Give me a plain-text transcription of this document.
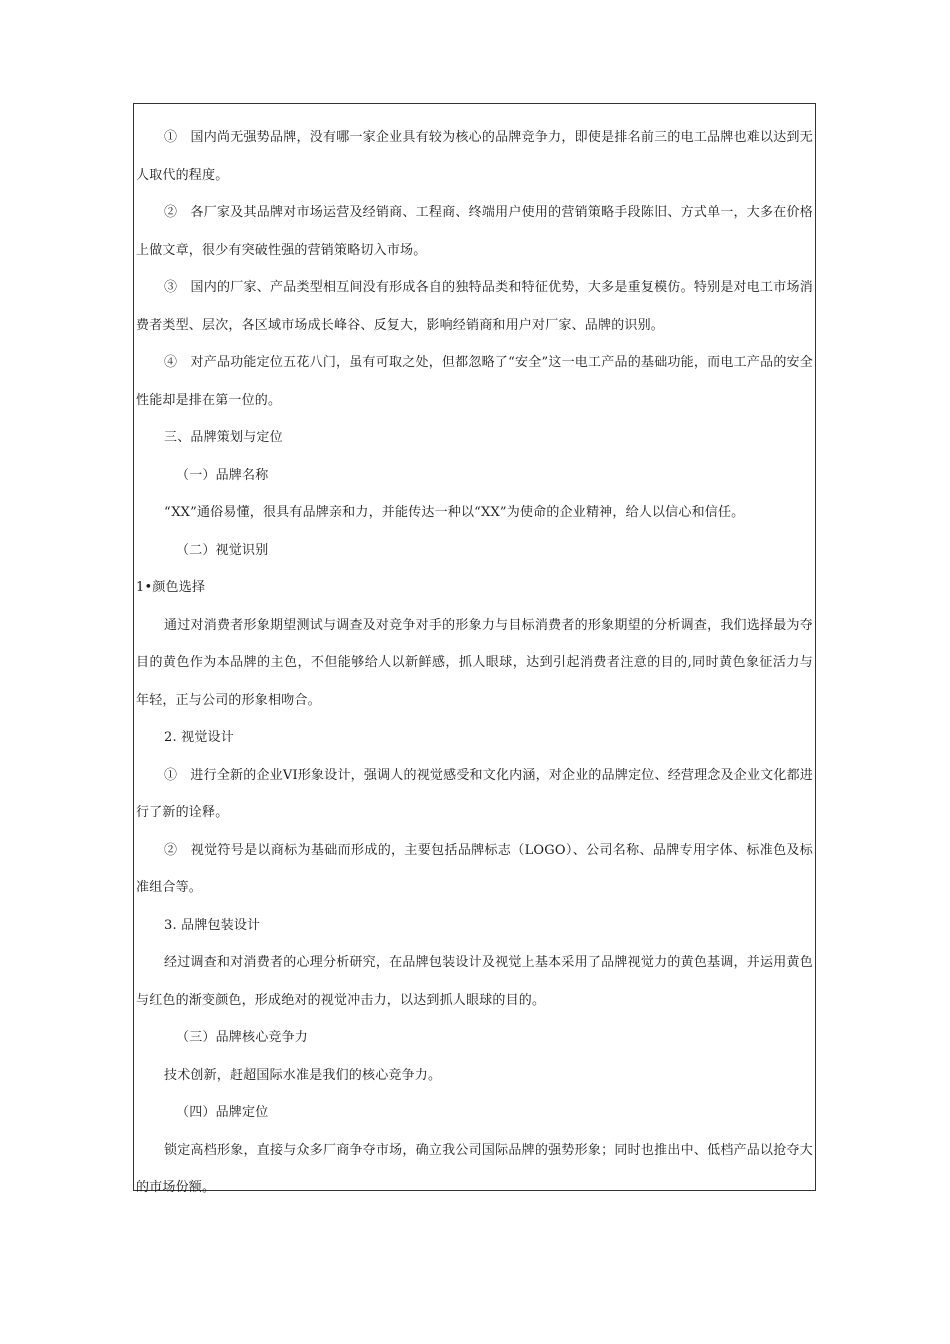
①　国内尚无强势品牌，没有哪一家企业具有较为核心的品牌竞争力，即使是排名前三的电工品牌也难以达到无人取代的程度。

②　各厂家及其品牌对市场运营及经销商、工程商、终端用户使用的营销策略手段陈旧、方式单一，大多在价格上做文章，很少有突破性强的营销策略切入市场。

③　国内的厂家、产品类型相互间没有形成各自的独特品类和特征优势，大多是重复模仿。特别是对电工市场消费者类型、层次，各区域市场成长峰谷、反复大，影响经销商和用户对厂家、品牌的识别。

④　对产品功能定位五花八门，虽有可取之处，但都忽略了“安全”这一电工产品的基础功能，而电工产品的安全性能却是排在第一位的。

三、品牌策划与定位

（一）品牌名称

“XX”通俗易懂，很具有品牌亲和力，并能传达一种以“XX”为使命的企业精神，给人以信心和信任。

（二）视觉识别

1•颜色选择

通过对消费者形象期望测试与调查及对竞争对手的形象力与目标消费者的形象期望的分析调查，我们选择最为夺目的黄色作为本品牌的主色，不但能够给人以新鲜感，抓人眼球，达到引起消费者注意的目的,同时黄色象征活力与年轻，正与公司的形象相吻合。

2. 视觉设计

①　进行全新的企业VI形象设计，强调人的视觉感受和文化内涵，对企业的品牌定位、经营理念及企业文化都进行了新的诠释。

②　视觉符号是以商标为基础而形成的，主要包括品牌标志（LOGO）、公司名称、品牌专用字体、标准色及标准组合等。

3. 品牌包装设计

经过调查和对消费者的心理分析研究，在品牌包装设计及视觉上基本采用了品牌视觉力的黄色基调，并运用黄色与红色的渐变颜色，形成绝对的视觉冲击力，以达到抓人眼球的目的。

（三）品牌核心竞争力

技术创新，赶超国际水准是我们的核心竞争力。

（四）品牌定位

锁定高档形象，直接与众多厂商争夺市场，确立我公司国际品牌的强势形象；同时也推出中、低档产品以抢夺大的市场份额。
